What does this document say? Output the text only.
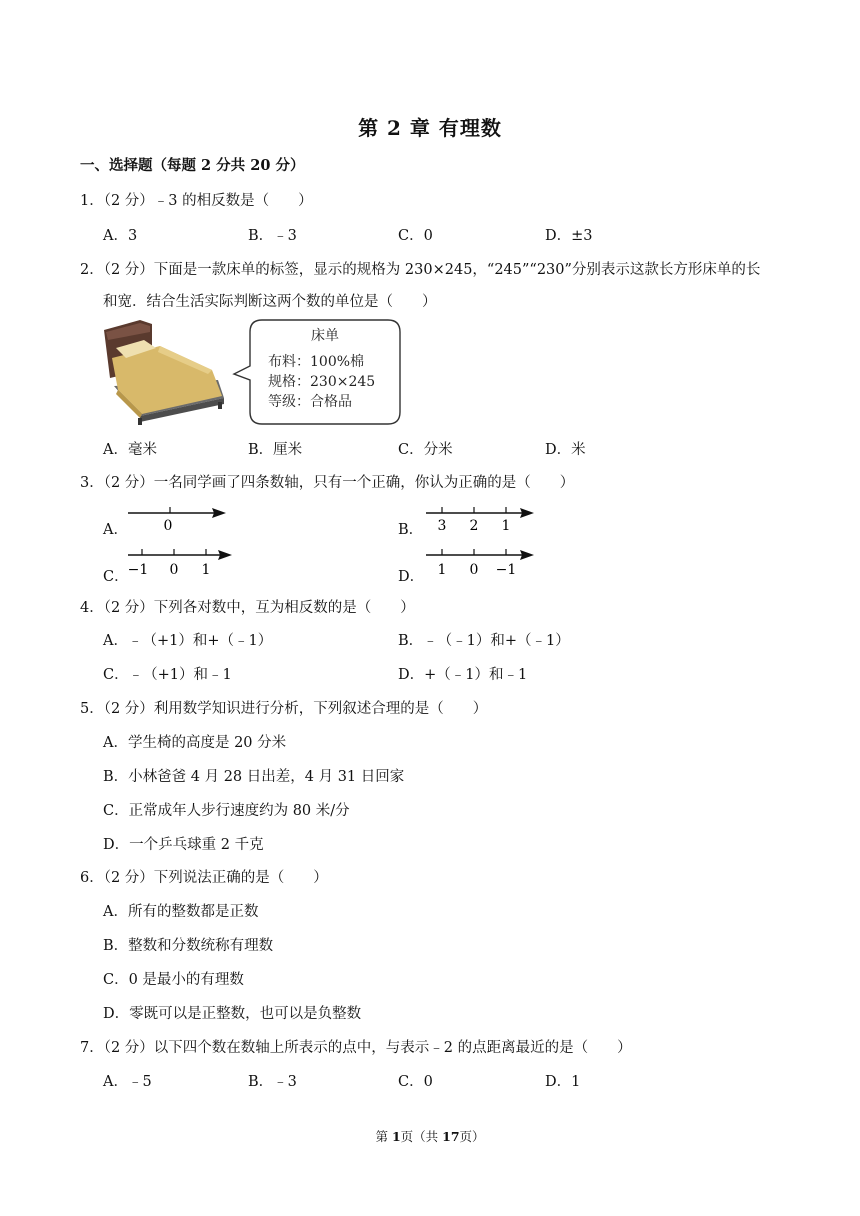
第 2 章 有理数
一、选择题（每题 2 分共 20 分）
1．（2 分）﹣3 的相反数是（　　）
A．3	B．﹣3	C．0	D．±3
2．（2 分）下面是一款床单的标签，显示的规格为 230×245，“245”“230”分别表示这款长方形床单的长
和宽．结合生活实际判断这两个数的单位是（　　）
床单
布料：100%棉
规格：230×245
等级：合格品
A．毫米	B．厘米	C．分米	D．米
3．（2 分）一名同学画了四条数轴，只有一个正确，你认为正确的是（　　）
A．	0	B． 3 2 1
C． −1 0 1	D． 1 0 −1
4．（2 分）下列各对数中，互为相反数的是（　　）
A．﹣（+1）和+（﹣1）	B．﹣（﹣1）和+（﹣1）
C．﹣（+1）和﹣1	D．+（﹣1）和﹣1
5．（2 分）利用数学知识进行分析，下列叙述合理的是（　　）
A．学生椅的高度是 20 分米
B．小林爸爸 4 月 28 日出差，4 月 31 日回家
C．正常成年人步行速度约为 80 米/分
D．一个乒乓球重 2 千克
6．（2 分）下列说法正确的是（　　）
A．所有的整数都是正数
B．整数和分数统称有理数
C．0 是最小的有理数
D．零既可以是正整数，也可以是负整数
7．（2 分）以下四个数在数轴上所表示的点中，与表示﹣2 的点距离最近的是（　　）
A．﹣5	B．﹣3	C．0	D．1
第 1页（共 17页）
